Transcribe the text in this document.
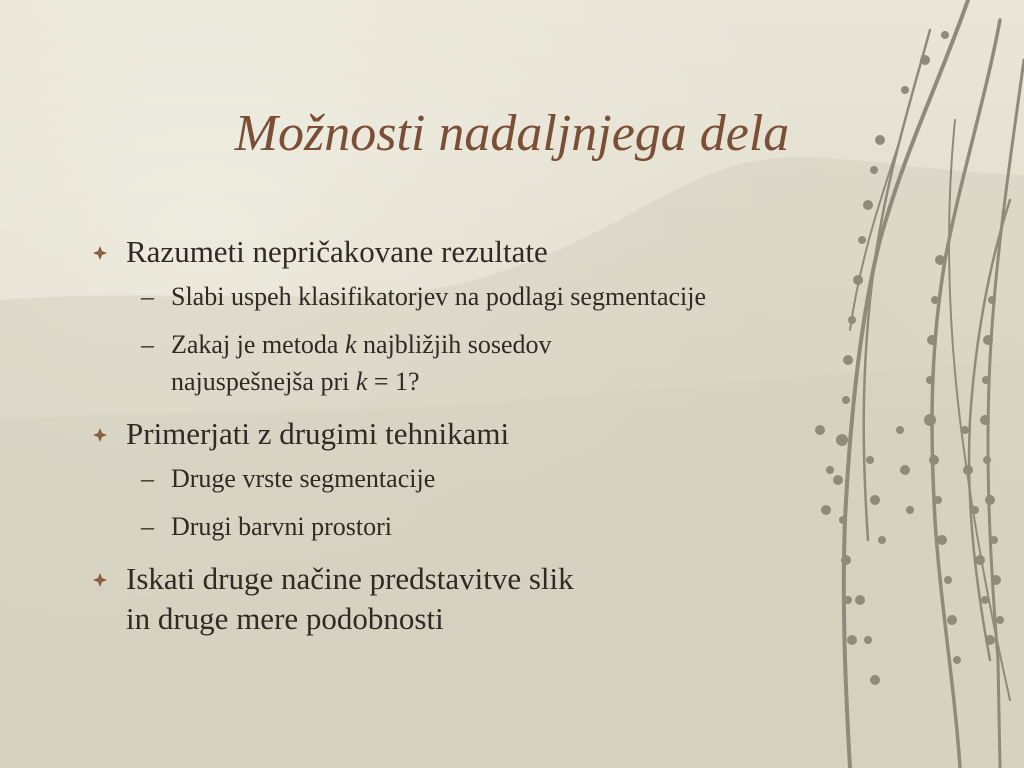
Možnosti nadaljnjega dela
Razumeti nepričakovane rezultate
– Slabi uspeh klasifikatorjev na podlagi segmentacije
– Zakaj je metoda k najbližjih sosedov
najuspešnejša pri k = 1?
Primerjati z drugimi tehnikami
– Druge vrste segmentacije
– Drugi barvni prostori
Iskati druge načine predstavitve slik
in druge mere podobnosti
